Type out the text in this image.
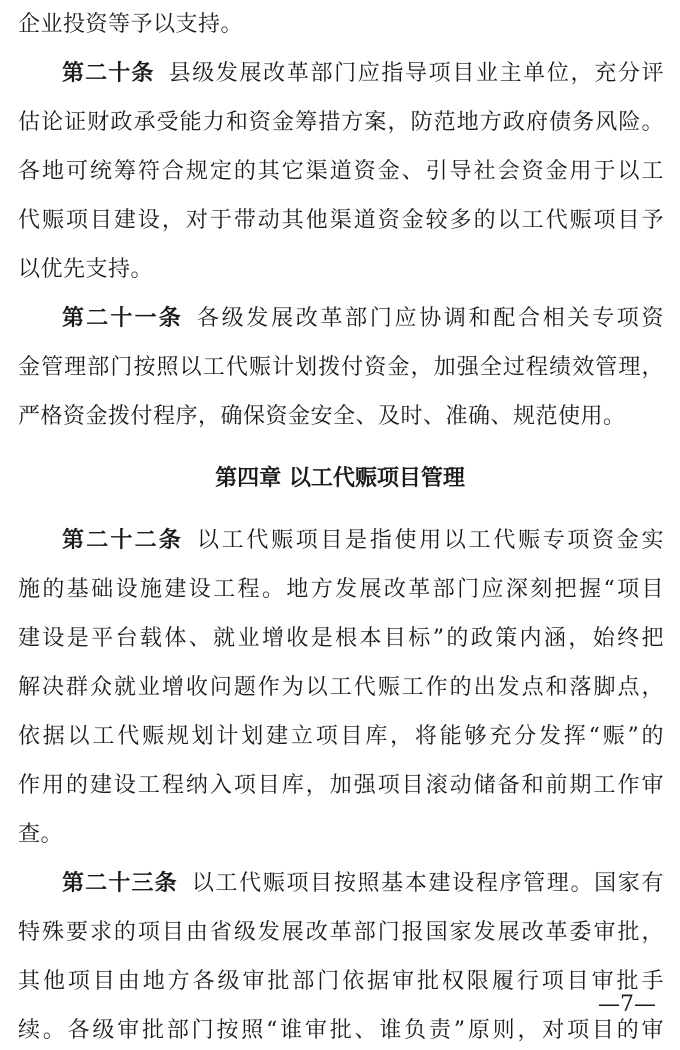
企业投资等予以支持。
第二十条 县级发展改革部门应指导项目业主单位，充分评
估论证财政承受能力和资金筹措方案，防范地方政府债务风险。
各地可统筹符合规定的其它渠道资金、引导社会资金用于以工
代赈项目建设，对于带动其他渠道资金较多的以工代赈项目予
以优先支持。
第二十一条 各级发展改革部门应协调和配合相关专项资
金管理部门按照以工代赈计划拨付资金，加强全过程绩效管理，
严格资金拨付程序，确保资金安全、及时、准确、规范使用。
第四章 以工代赈项目管理
第二十二条 以工代赈项目是指使用以工代赈专项资金实
施的基础设施建设工程。地方发展改革部门应深刻把握“项目
建设是平台载体、就业增收是根本目标”的政策内涵，始终把
解决群众就业增收问题作为以工代赈工作的出发点和落脚点，
依据以工代赈规划计划建立项目库，将能够充分发挥“赈”的
作用的建设工程纳入项目库，加强项目滚动储备和前期工作审
查。
第二十三条 以工代赈项目按照基本建设程序管理。国家有
特殊要求的项目由省级发展改革部门报国家发展改革委审批，
其他项目由地方各级审批部门依据审批权限履行项目审批手
续。各级审批部门按照“谁审批、谁负责”原则，对项目的审
—7—
